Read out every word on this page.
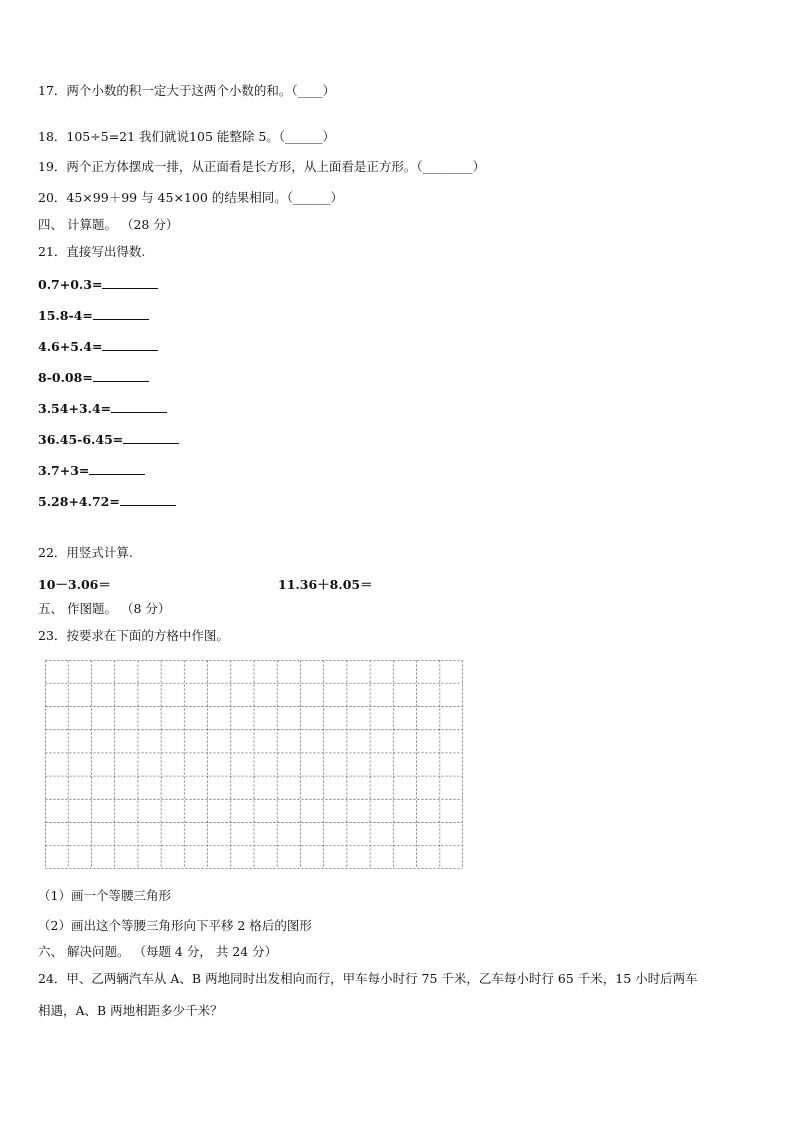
17．两个小数的积一定大于这两个小数的和。（____）
18．105÷5=21 我们就说105 能整除 5。（______）
19．两个正方体摆成一排，从正面看是长方形，从上面看是正方形。（________）
20．45×99＋99 与 45×100 的结果相同。（______）
四、 计算题。 （28 分）
21．直接写出得数.
0.7+0.3=
15.8-4=
4.6+5.4=
8-0.08=
3.54+3.4=
36.45-6.45=
3.7+3=
5.28+4.72=
22．用竖式计算.
10－3.06＝	11.36＋8.05＝
五、 作图题。 （8 分）
23．按要求在下面的方格中作图。
（1）画一个等腰三角形
（2）画出这个等腰三角形向下平移 2 格后的图形
六、 解决问题。 （每题 4 分， 共 24 分）
24．甲、乙两辆汽车从 A、B 两地同时出发相向而行，甲车每小时行 75 千米，乙车每小时行 65 千米，15 小时后两车
相遇，A、B 两地相距多少千米？
